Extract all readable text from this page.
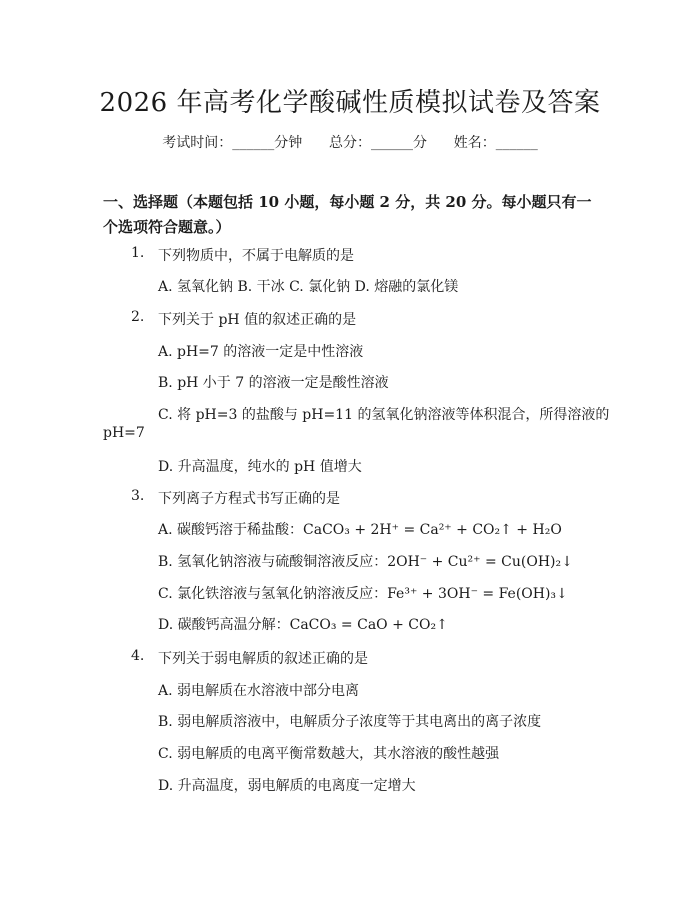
2026 年高考化学酸碱性质模拟试卷及答案
考试时间：______分钟 总分：______分 姓名：______
一、选择题（本题包括 10 小题，每小题 2 分，共 20 分。每小题只有一个选项符合题意。）
1. 下列物质中，不属于电解质的是
A. 氢氧化钠 B. 干冰 C. 氯化钠 D. 熔融的氯化镁
2. 下列关于 pH 值的叙述正确的是
A. pH=7 的溶液一定是中性溶液
B. pH 小于 7 的溶液一定是酸性溶液
C. 将 pH=3 的盐酸与 pH=11 的氢氧化钠溶液等体积混合，所得溶液的
pH=7
D. 升高温度，纯水的 pH 值增大
3. 下列离子方程式书写正确的是
A. 碳酸钙溶于稀盐酸：CaCO₃ + 2H⁺ = Ca²⁺ + CO₂↑ + H₂O
B. 氢氧化钠溶液与硫酸铜溶液反应：2OH⁻ + Cu²⁺ = Cu(OH)₂↓
C. 氯化铁溶液与氢氧化钠溶液反应：Fe³⁺ + 3OH⁻ = Fe(OH)₃↓
D. 碳酸钙高温分解：CaCO₃ = CaO + CO₂↑
4. 下列关于弱电解质的叙述正确的是
A. 弱电解质在水溶液中部分电离
B. 弱电解质溶液中，电解质分子浓度等于其电离出的离子浓度
C. 弱电解质的电离平衡常数越大，其水溶液的酸性越强
D. 升高温度，弱电解质的电离度一定增大
